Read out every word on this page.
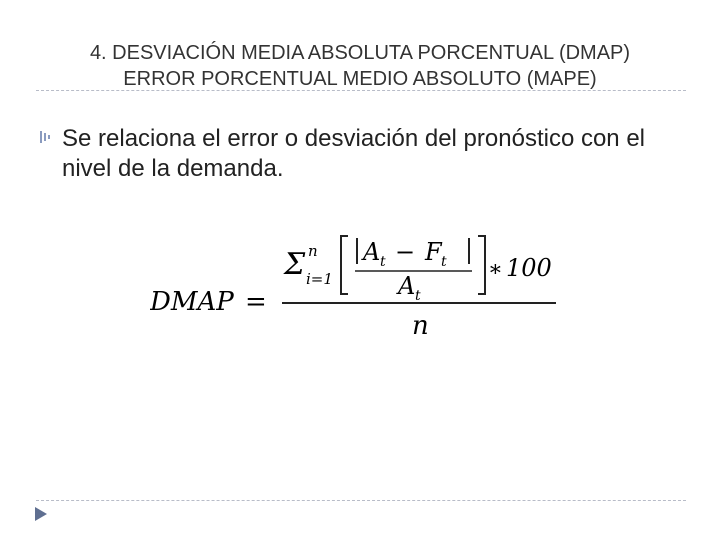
4. DESVIACIÓN MEDIA ABSOLUTA PORCENTUAL (DMAP)
ERROR PORCENTUAL MEDIO ABSOLUTO (MAPE)
Se relaciona el error o desviación del pronóstico con el nivel de la demanda.
DMAP =
Σ n
i=1
A t − F t
A t
∗ 100
n
